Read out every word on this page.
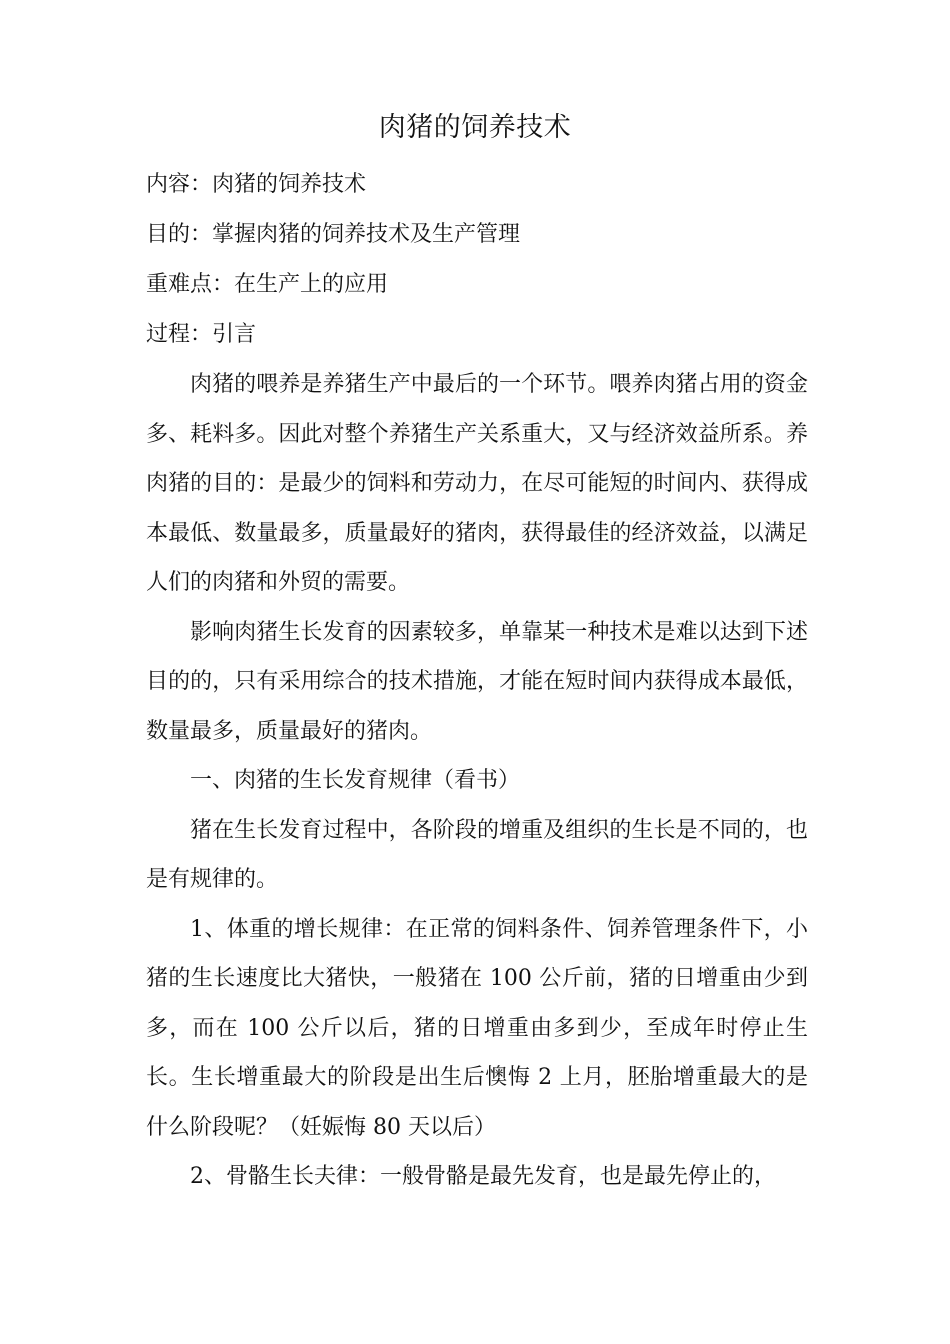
肉猪的饲养技术

内容：肉猪的饲养技术

目的：掌握肉猪的饲养技术及生产管理

重难点：在生产上的应用

过程：引言

肉猪的喂养是养猪生产中最后的一个环节。喂养肉猪占用的资金多、耗料多。因此对整个养猪生产关系重大，又与经济效益所系。养肉猪的目的：是最少的饲料和劳动力，在尽可能短的时间内、获得成本最低、数量最多，质量最好的猪肉，获得最佳的经济效益，以满足人们的肉猪和外贸的需要。

影响肉猪生长发育的因素较多，单靠某一种技术是难以达到下述目的的，只有采用综合的技术措施，才能在短时间内获得成本最低，数量最多，质量最好的猪肉。

一、肉猪的生长发育规律（看书）

猪在生长发育过程中，各阶段的增重及组织的生长是不同的，也是有规律的。

1、体重的增长规律：在正常的饲料条件、饲养管理条件下，小猪的生长速度比大猪快，一般猪在 100 公斤前，猪的日增重由少到多，而在 100 公斤以后，猪的日增重由多到少，至成年时停止生长。生长增重最大的阶段是出生后懊悔 2 上月，胚胎增重最大的是什么阶段呢？（妊娠悔 80 天以后）

2、骨骼生长夫律：一般骨骼是最先发育，也是最先停止的，
